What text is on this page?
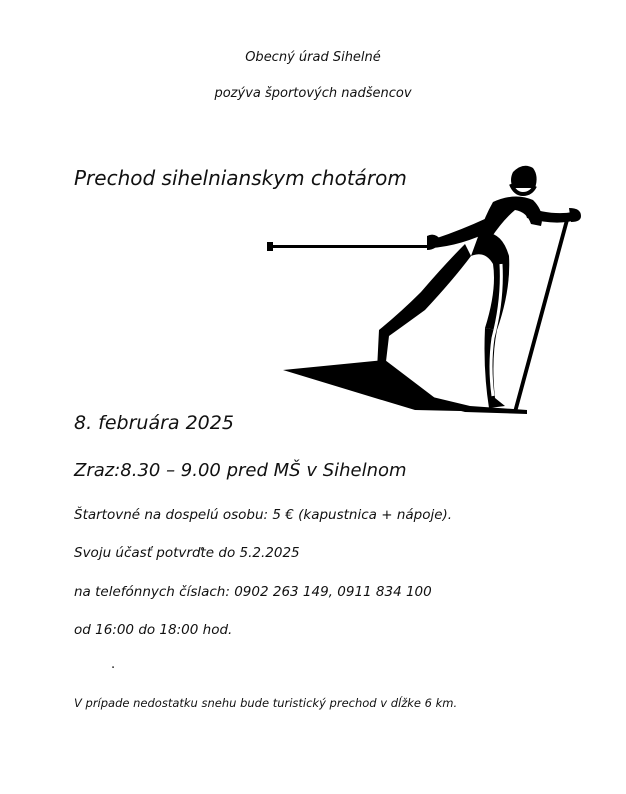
Obecný úrad Sihelné
pozýva športových nadšencov
Prechod sihelnianskym chotárom
8. februára 2025
Zraz:8.30 – 9.00 pred MŠ v Sihelnom
Štartovné na dospelú osobu: 5 € (kapustnica + nápoje).
Svoju účasť potvrďte do 5.2.2025
na telefónnych číslach: 0902 263 149, 0911 834 100
od 16:00 do 18:00 hod.
.
V prípade nedostatku snehu bude turistický prechod v dĺžke 6 km.
